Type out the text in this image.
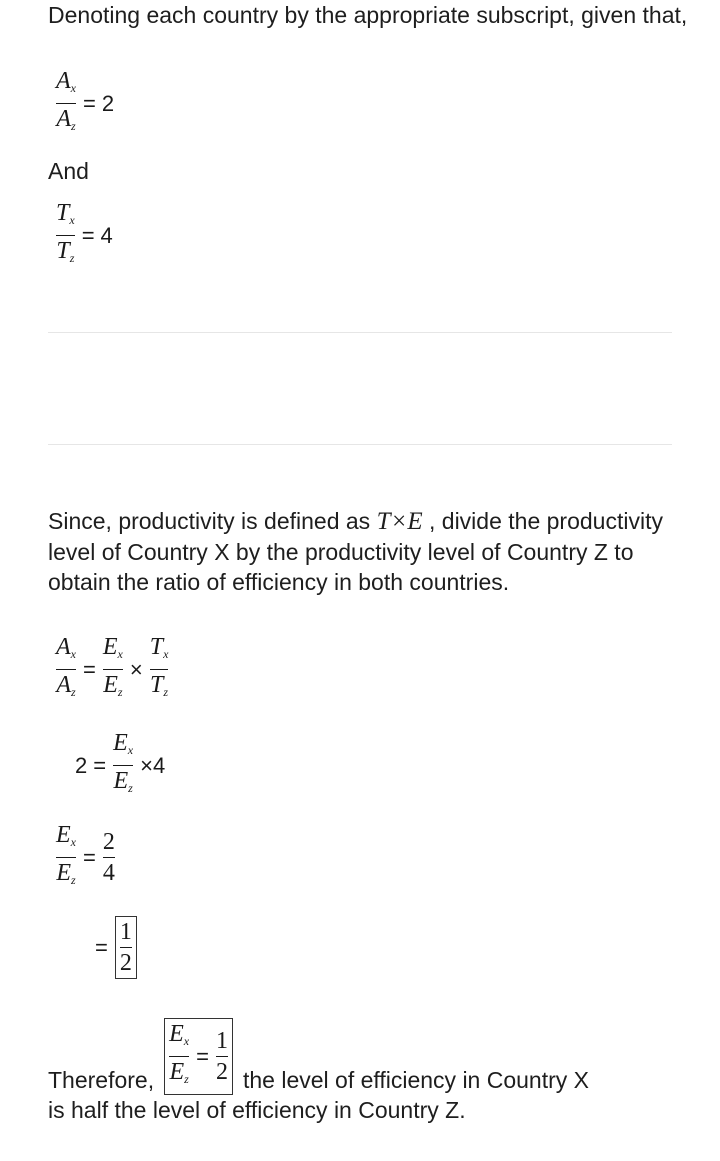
Denoting each country by the appropriate subscript, given that,

$\frac{A_x}{A_z} = 2$

And

$\frac{T_x}{T_z} = 4$

Since, productivity is defined as T×E , divide the productivity level of Country X by the productivity level of Country Z to obtain the ratio of efficiency in both countries.

$\frac{A_x}{A_z} = \frac{E_x}{E_z} \times \frac{T_x}{T_z}$
$2 = \frac{E_x}{E_z} \times 4$
$\frac{E_x}{E_z} = \frac{2}{4}$
= $\frac{1}{2}$
Therefore, $\frac{E_x}{E_z} = \frac{1}{2}$ the level of efficiency in Country X

is half the level of efficiency in Country Z.
